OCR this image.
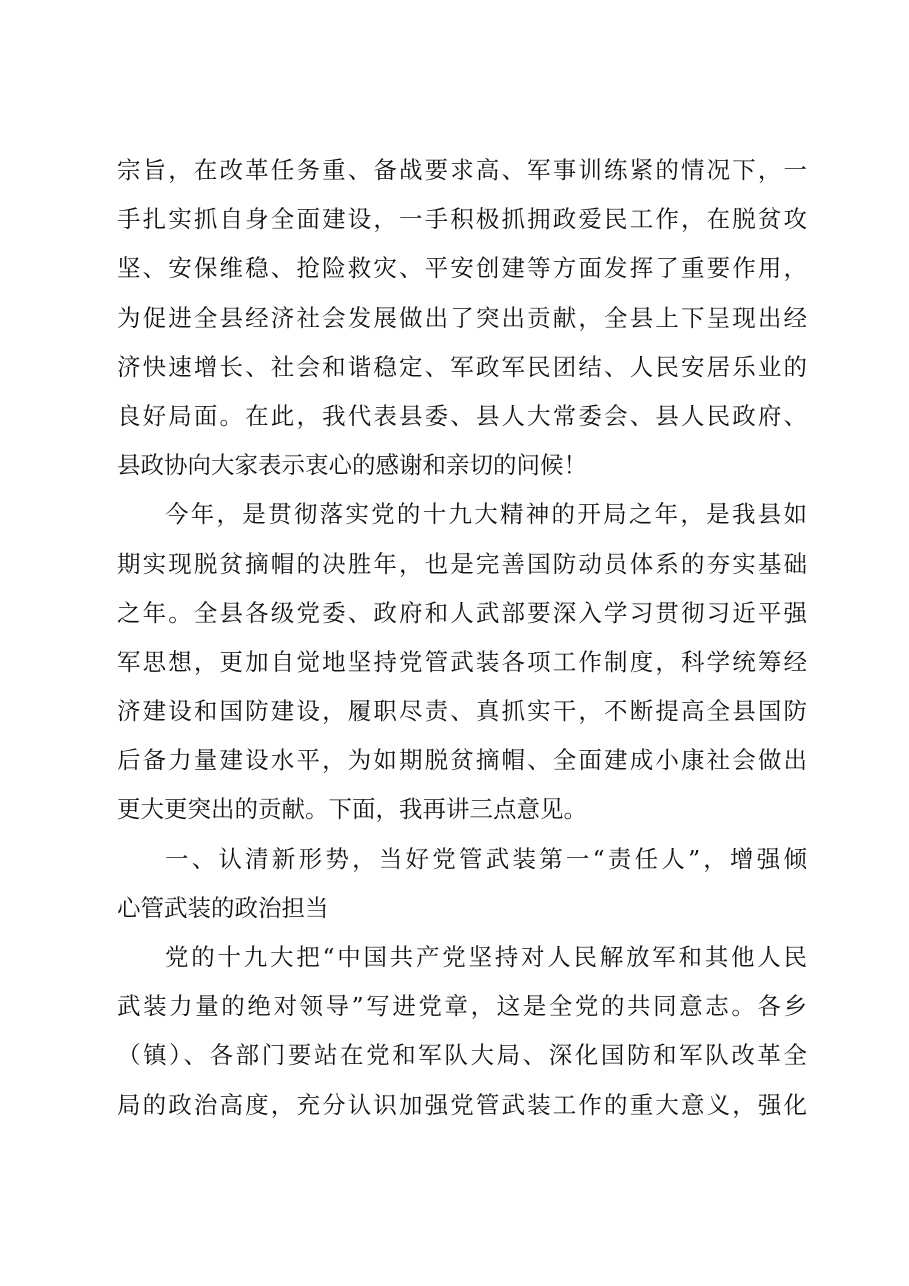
宗旨，在改革任务重、备战要求高、军事训练紧的情况下，一
手扎实抓自身全面建设，一手积极抓拥政爱民工作，在脱贫攻
坚、安保维稳、抢险救灾、平安创建等方面发挥了重要作用，
为促进全县经济社会发展做出了突出贡献，全县上下呈现出经
济快速增长、社会和谐稳定、军政军民团结、人民安居乐业的
良好局面。在此，我代表县委、县人大常委会、县人民政府、
县政协向大家表示衷心的感谢和亲切的问候！
今年，是贯彻落实党的十九大精神的开局之年，是我县如
期实现脱贫摘帽的决胜年，也是完善国防动员体系的夯实基础
之年。全县各级党委、政府和人武部要深入学习贯彻习近平强
军思想，更加自觉地坚持党管武装各项工作制度，科学统筹经
济建设和国防建设，履职尽责、真抓实干，不断提高全县国防
后备力量建设水平，为如期脱贫摘帽、全面建成小康社会做出
更大更突出的贡献。下面，我再讲三点意见。
一、认清新形势，当好党管武装第一“责任人”，增强倾
心管武装的政治担当
党的十九大把“中国共产党坚持对人民解放军和其他人民
武装力量的绝对领导”写进党章，这是全党的共同意志。各乡
（镇）、各部门要站在党和军队大局、深化国防和军队改革全
局的政治高度，充分认识加强党管武装工作的重大意义，强化
